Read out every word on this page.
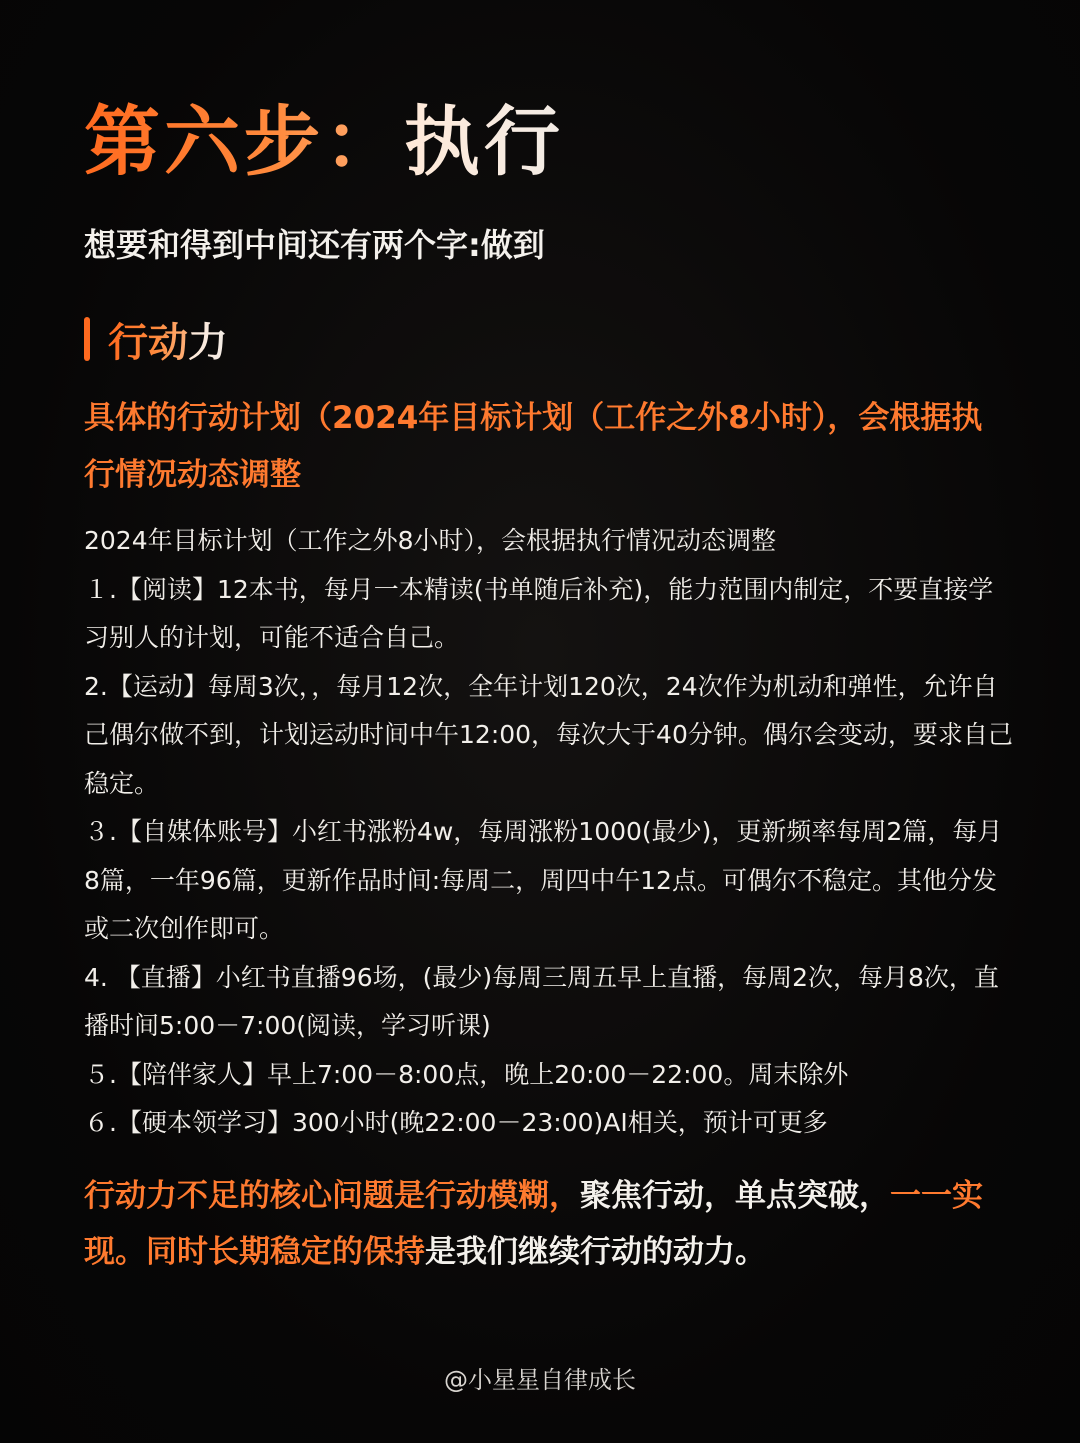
第六步：执行
想要和得到中间还有两个字:做到
行动力
具体的行动计划（2024年目标计划（工作之外8小时），会根据执行情况动态调整

2024年目标计划（工作之外8小时），会根据执行情况动态调整

１.【阅读】12本书，每月一本精读(书单随后补充)，能力范围内制定，不要直接学习别人的计划，可能不适合自己。

2.【运动】每周3次，，每月12次，全年计划120次，24次作为机动和弹性，允许自己偶尔做不到，计划运动时间中午12:00，每次大于40分钟。偶尔会变动，要求自己稳定。

３.【自媒体账号】小红书涨粉4w，每周涨粉1000(最少)，更新频率每周2篇，每月8篇，一年96篇，更新作品时间:每周二，周四中午12点。可偶尔不稳定。其他分发或二次创作即可。

4. 【直播】小红书直播96场，(最少)每周三周五早上直播，每周2次，每月8次，直播时间5:00－7:00(阅读，学习听课)

５.【陪伴家人】早上7:00－8:00点，晚上20:00－22:00。周末除外

６.【硬本领学习】300小时(晚22:00－23:00)AI相关，预计可更多

行动力不足的核心问题是行动模糊，聚焦行动，单点突破，一一实现。同时长期稳定的保持是我们继续行动的动力。
@小星星自律成长
